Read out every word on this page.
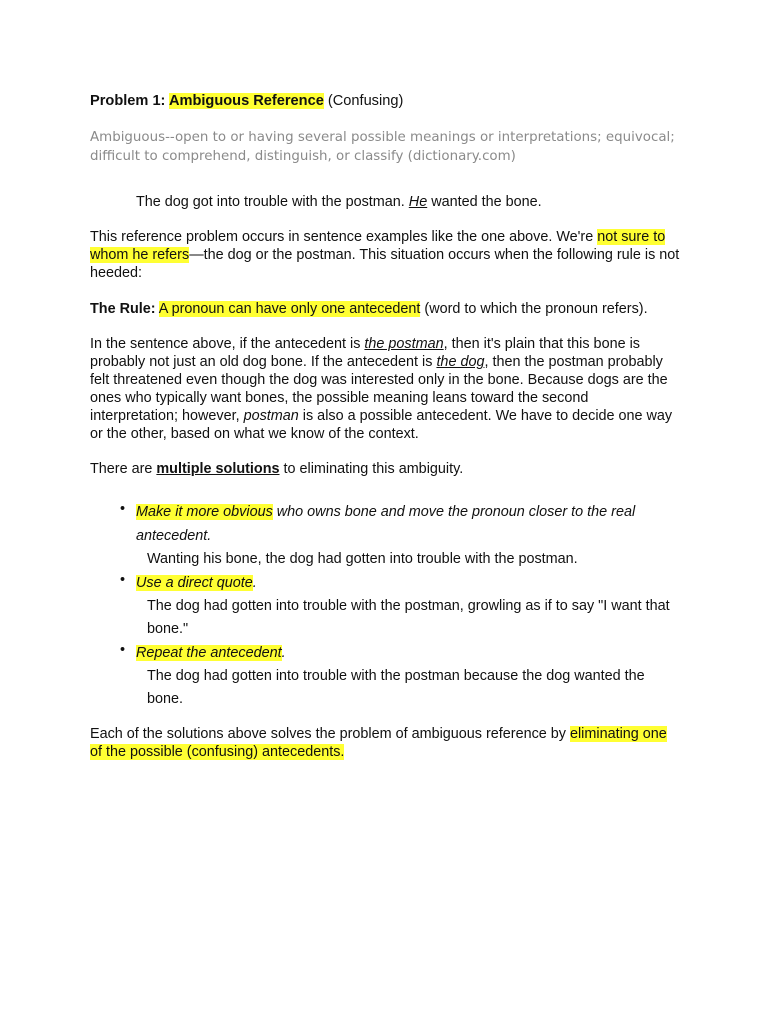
Problem 1: Ambiguous Reference (Confusing)

Ambiguous--open to or having several possible meanings or interpretations; equivocal; difficult to comprehend, distinguish, or classify (dictionary.com)

The dog got into trouble with the postman. He wanted the bone.

This reference problem occurs in sentence examples like the one above. We're not sure to whom he refers—the dog or the postman. This situation occurs when the following rule is not heeded:

The Rule: A pronoun can have only one antecedent (word to which the pronoun refers).

In the sentence above, if the antecedent is the postman, then it's plain that this bone is probably not just an old dog bone. If the antecedent is the dog, then the postman probably felt threatened even though the dog was interested only in the bone. Because dogs are the ones who typically want bones, the possible meaning leans toward the second interpretation; however, postman is also a possible antecedent. We have to decide one way or the other, based on what we know of the context.

There are multiple solutions to eliminating this ambiguity.

• Make it more obvious who owns bone and move the pronoun closer to the real antecedent.
Wanting his bone, the dog had gotten into trouble with the postman.
• Use a direct quote.
The dog had gotten into trouble with the postman, growling as if to say "I want that bone."
• Repeat the antecedent.
The dog had gotten into trouble with the postman because the dog wanted the bone.

Each of the solutions above solves the problem of ambiguous reference by eliminating one of the possible (confusing) antecedents.
